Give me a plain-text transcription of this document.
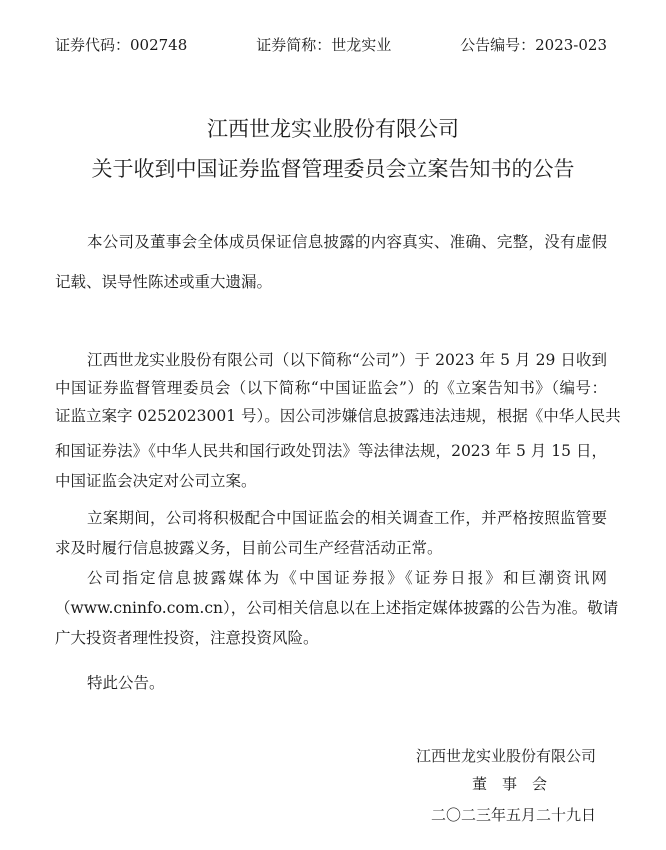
证券代码：002748	证券简称：世龙实业	公告编号：2023-023
江西世龙实业股份有限公司
关于收到中国证券监督管理委员会立案告知书的公告
本公司及董事会全体成员保证信息披露的内容真实、准确、完整，没有虚假
记载、误导性陈述或重大遗漏。
江西世龙实业股份有限公司（以下简称“公司”）于 2023 年 5 月 29 日收到
中国证券监督管理委员会（以下简称“中国证监会”）的《立案告知书》（编号：
证监立案字 0252023001 号）。因公司涉嫌信息披露违法违规，根据《中华人民共
和国证券法》《中华人民共和国行政处罚法》等法律法规，2023 年 5 月 15 日，
中国证监会决定对公司立案。
立案期间，公司将积极配合中国证监会的相关调查工作，并严格按照监管要
求及时履行信息披露义务，目前公司生产经营活动正常。
公司指定信息披露媒体为《中国证券报》《证券日报》和巨潮资讯网
（www.cninfo.com.cn），公司相关信息以在上述指定媒体披露的公告为准。敬请
广大投资者理性投资，注意投资风险。
特此公告。
江西世龙实业股份有限公司
董　事　会
二〇二三年五月二十九日
